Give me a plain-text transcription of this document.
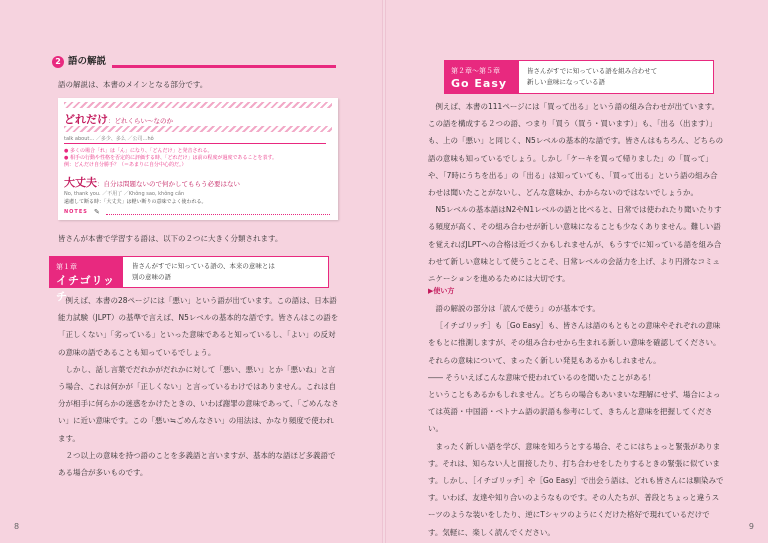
2 語の解説
語の解説は、本書のメインとなる部分です。
どれだけ：どれくらい〜なのか
talk about… ／多少、多么 ／公司…hô
● 多くの場合「れ」は「ん」になり、「どんだけ」と発音される。
● 相手の行動や性格を否定的に評価する時、「どれだけ」は前の程度が過度であることを表す。
例：どんだけ自分勝手？（＝あまりに自分中心的だ。）
大丈夫：自分は問題ないので何かしてもらう必要はない
No, thank you. ／不用了 ／Không sao, không cần
遠慮して断る時：「大丈夫」は軽い断りの意味でよく使われる。
NOTES ✎
皆さんが本書で学習する語は、以下の２つに大きく分類されます。
第１章
イチゴリッチ
皆さんがすでに知っている語の、本来の意味とは
別の意味の語

例えば、本書の28ページには「悪い」という語が出ています。この語は、日本語能力試験（JLPT）の基準で言えば、N5レベルの基本的な語です。皆さんはこの語を「正しくない」「劣っている」といった意味であると知っているし、「よい」の反対の意味の語であることも知っているでしょう。

しかし、話し言葉でだれかがだれかに対して「悪い、悪い」とか「悪いね」と言う場合、これは何かが「正しくない」と言っているわけではありません。これは自分が相手に何らかの迷惑をかけたときの、いわば謝罪の意味であって、「ごめんなさい」に近い意味です。この「悪い≒ごめんなさい」の用法は、かなり頻度で使われます。

２つ以上の意味を持つ語のことを多義語と言いますが、基本的な語ほど多義語である場合が多いものです。

8
第２章〜第５章
Go Easy
皆さんがすでに知っている語を組み合わせて
新しい意味になっている語

例えば、本書の111ページには「買って出る」という語の組み合わせが出ています。この語を構成する２つの語、つまり「買う（買う・買います）」も、「出る（出ます）」も、上の「悪い」と同じく、N5レベルの基本的な語です。皆さんはもちろん、どちらの語の意味も知っているでしょう。しかし「ケーキを買って帰りました」の「買って」や、「7時にうちを出る」の「出る」は知っていても、「買って出る」という語の組み合わせは聞いたことがないし、どんな意味か、わからないのではないでしょうか。

N5レベルの基本語はN2やN1レベルの語と比べると、日常では使われたり聞いたりする頻度が高く、その組み合わせが新しい意味になることも少なくありません。難しい語を覚えればJLPTへの合格は近づくかもしれませんが、もうすでに知っている語を組み合わせて新しい意味として使うことこそ、日常レベルの会話力を上げ、より円滑なコミュニケーションを進めるためには大切です。

▶使い方

語の解説の部分は「読んで使う」のが基本です。

［イチゴリッチ］も［Go Easy］も、皆さんは語のもともとの意味やそれぞれの意味をもとに推測しますが、その組み合わせから生まれる新しい意味を確認してください。それらの意味について、まったく新しい発見もあるかもしれません。

―― そういえばこんな意味で使われているのを聞いたことがある！

ということもあるかもしれません。どちらの場合もあいまいな理解にせず、場合によっては英語・中国語・ベトナム語の訳語も参考にして、きちんと意味を把握してください。

まったく新しい語を学び、意味を知ろうとする場合、そこにはちょっと緊張があります。それは、知らない人と面接したり、打ち合わせをしたりするときの緊張に似ています。しかし、［イチゴリッチ］や［Go Easy］で出会う語は、どれも皆さんには馴染みです。いわば、友達や知り合いのようなものです。その人たちが、普段とちょっと違うスーツのような装いをしたり、逆にTシャツのようにくだけた格好で現れているだけです。気軽に、楽しく読んでください。

9
